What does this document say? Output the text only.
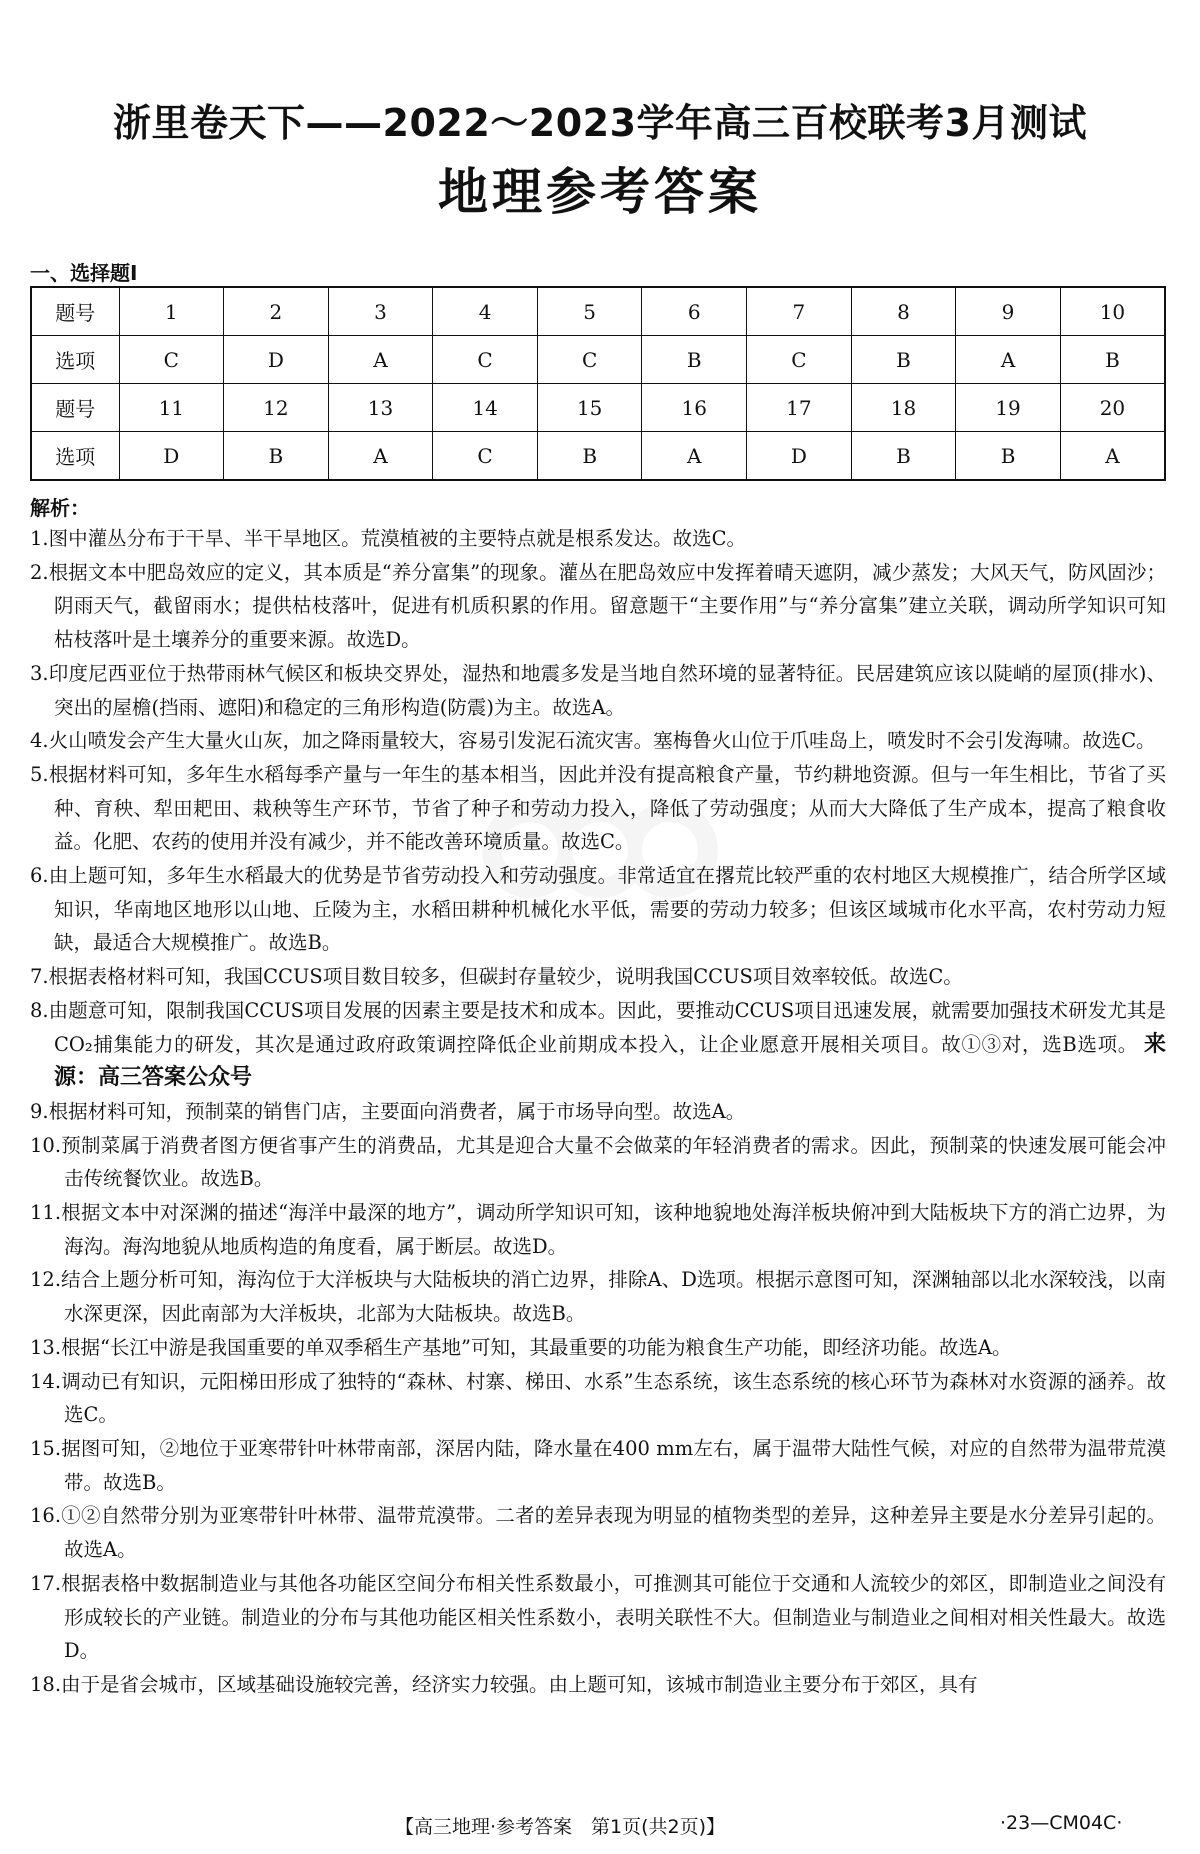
浙里卷天下——2022～2023学年高三百校联考3月测试
地理参考答案
一、选择题Ⅰ
题号	1	2	3	4	5	6	7	8	9	10
选项	C	D	A	C	C	B	C	B	A	B
题号	11	12	13	14	15	16	17	18	19	20
选项	D	B	A	C	B	A	D	B	B	A
解析：
1.图中灌丛分布于干旱、半干旱地区。荒漠植被的主要特点就是根系发达。故选C。
2.根据文本中肥岛效应的定义，其本质是“养分富集”的现象。灌丛在肥岛效应中发挥着晴天遮阴，减少蒸发；大风天气，防风固沙；阴雨天气，截留雨水；提供枯枝落叶，促进有机质积累的作用。留意题干“主要作用”与“养分富集”建立关联，调动所学知识可知枯枝落叶是土壤养分的重要来源。故选D。
3.印度尼西亚位于热带雨林气候区和板块交界处，湿热和地震多发是当地自然环境的显著特征。民居建筑应该以陡峭的屋顶(排水)、突出的屋檐(挡雨、遮阳)和稳定的三角形构造(防震)为主。故选A。
4.火山喷发会产生大量火山灰，加之降雨量较大，容易引发泥石流灾害。塞梅鲁火山位于爪哇岛上，喷发时不会引发海啸。故选C。
5.根据材料可知，多年生水稻每季产量与一年生的基本相当，因此并没有提高粮食产量，节约耕地资源。但与一年生相比，节省了买种、育秧、犁田耙田、栽秧等生产环节，节省了种子和劳动力投入，降低了劳动强度；从而大大降低了生产成本，提高了粮食收益。化肥、农药的使用并没有减少，并不能改善环境质量。故选C。
6.由上题可知，多年生水稻最大的优势是节省劳动投入和劳动强度。非常适宜在撂荒比较严重的农村地区大规模推广，结合所学区域知识，华南地区地形以山地、丘陵为主，水稻田耕种机械化水平低，需要的劳动力较多；但该区域城市化水平高，农村劳动力短缺，最适合大规模推广。故选B。
7.根据表格材料可知，我国CCUS项目数目较多，但碳封存量较少，说明我国CCUS项目效率较低。故选C。
8.由题意可知，限制我国CCUS项目发展的因素主要是技术和成本。因此，要推动CCUS项目迅速发展，就需要加强技术研发尤其是CO₂捕集能力的研发，其次是通过政府政策调控降低企业前期成本投入，让企业愿意开展相关项目。故①③对，选B选项。 来源：高三答案公众号
9.根据材料可知，预制菜的销售门店，主要面向消费者，属于市场导向型。故选A。
10.预制菜属于消费者图方便省事产生的消费品，尤其是迎合大量不会做菜的年轻消费者的需求。因此，预制菜的快速发展可能会冲击传统餐饮业。故选B。
11.根据文本中对深渊的描述“海洋中最深的地方”，调动所学知识可知，该种地貌地处海洋板块俯冲到大陆板块下方的消亡边界，为海沟。海沟地貌从地质构造的角度看，属于断层。故选D。
12.结合上题分析可知，海沟位于大洋板块与大陆板块的消亡边界，排除A、D选项。根据示意图可知，深渊轴部以北水深较浅，以南水深更深，因此南部为大洋板块，北部为大陆板块。故选B。
13.根据“长江中游是我国重要的单双季稻生产基地”可知，其最重要的功能为粮食生产功能，即经济功能。故选A。
14.调动已有知识，元阳梯田形成了独特的“森林、村寨、梯田、水系”生态系统，该生态系统的核心环节为森林对水资源的涵养。故选C。
15.据图可知，②地位于亚寒带针叶林带南部，深居内陆，降水量在400 mm左右，属于温带大陆性气候，对应的自然带为温带荒漠带。故选B。
16.①②自然带分别为亚寒带针叶林带、温带荒漠带。二者的差异表现为明显的植物类型的差异，这种差异主要是水分差异引起的。故选A。
17.根据表格中数据制造业与其他各功能区空间分布相关性系数最小，可推测其可能位于交通和人流较少的郊区，即制造业之间没有形成较长的产业链。制造业的分布与其他功能区相关性系数小，表明关联性不大。但制造业与制造业之间相对相关性最大。故选D。
18.由于是省会城市，区域基础设施较完善，经济实力较强。由上题可知，该城市制造业主要分布于郊区，具有
【高三地理·参考答案　第1页(共2页)】	·23—CM04C·
